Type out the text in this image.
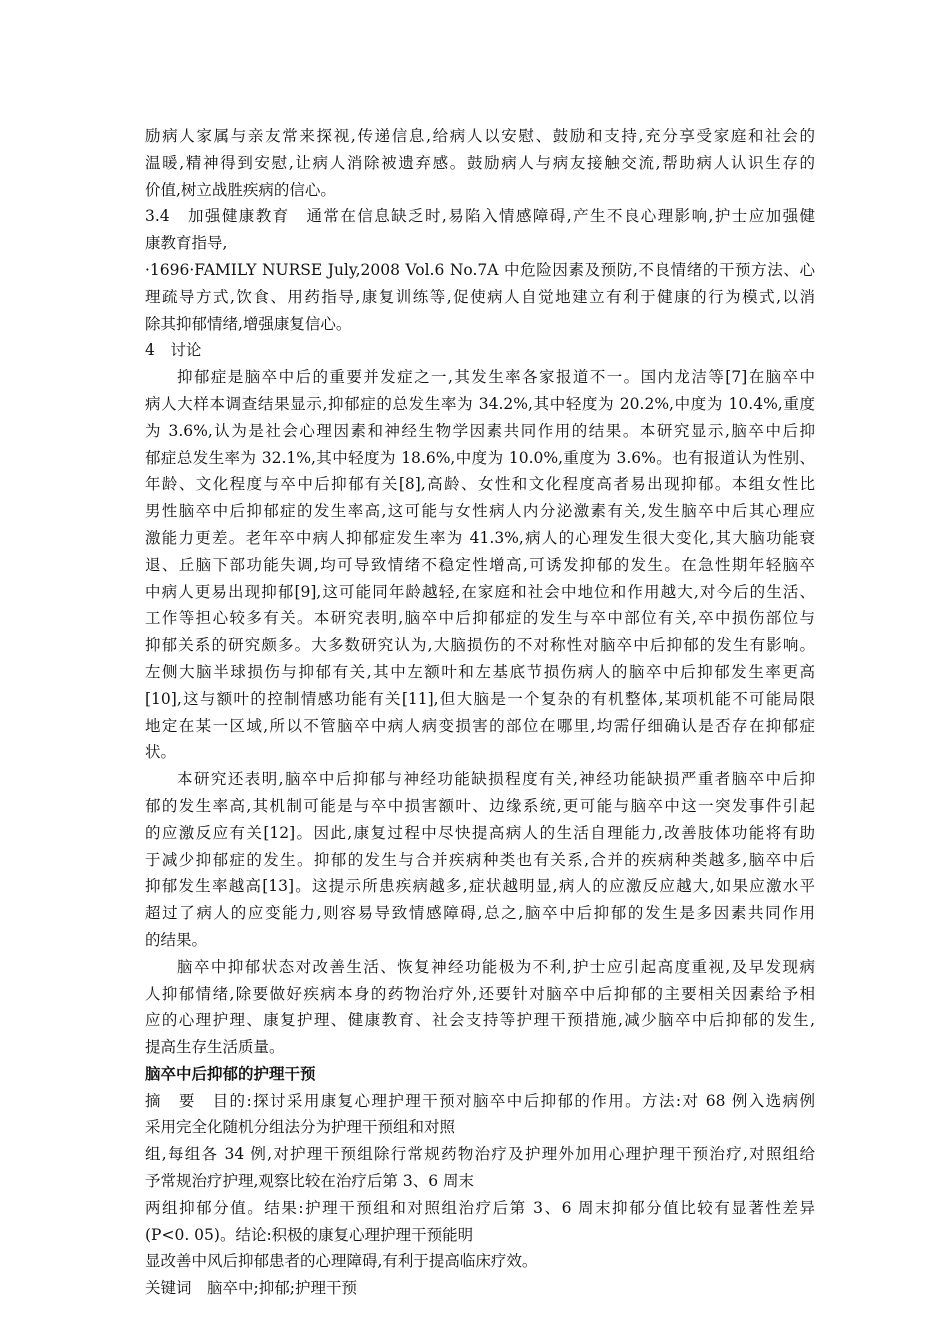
励病人家属与亲友常来探视,传递信息,给病人以安慰、鼓励和支持,充分享受家庭和社会的
温暖,精神得到安慰,让病人消除被遗弃感。鼓励病人与病友接触交流,帮助病人认识生存的
价值,树立战胜疾病的信心。
3.4　加强健康教育　通常在信息缺乏时,易陷入情感障碍,产生不良心理影响,护士应加强健
康教育指导,
·1696·FAMILY NURSE July,2008 Vol.6 No.7A 中危险因素及预防,不良情绪的干预方法、心
理疏导方式,饮食、用药指导,康复训练等,促使病人自觉地建立有利于健康的行为模式,以消
除其抑郁情绪,增强康复信心。
4　讨论
抑郁症是脑卒中后的重要并发症之一,其发生率各家报道不一。国内龙洁等[7]在脑卒中
病人大样本调查结果显示,抑郁症的总发生率为 34.2%,其中轻度为 20.2%,中度为 10.4%,重度
为 3.6%,认为是社会心理因素和神经生物学因素共同作用的结果。本研究显示,脑卒中后抑
郁症总发生率为 32.1%,其中轻度为 18.6%,中度为 10.0%,重度为 3.6%。也有报道认为性别、
年龄、文化程度与卒中后抑郁有关[8],高龄、女性和文化程度高者易出现抑郁。本组女性比
男性脑卒中后抑郁症的发生率高,这可能与女性病人内分泌激素有关,发生脑卒中后其心理应
激能力更差。老年卒中病人抑郁症发生率为 41.3%,病人的心理发生很大变化,其大脑功能衰
退、丘脑下部功能失调,均可导致情绪不稳定性增高,可诱发抑郁的发生。在急性期年轻脑卒
中病人更易出现抑郁[9],这可能同年龄越轻,在家庭和社会中地位和作用越大,对今后的生活、
工作等担心较多有关。本研究表明,脑卒中后抑郁症的发生与卒中部位有关,卒中损伤部位与
抑郁关系的研究颇多。大多数研究认为,大脑损伤的不对称性对脑卒中后抑郁的发生有影响。
左侧大脑半球损伤与抑郁有关,其中左额叶和左基底节损伤病人的脑卒中后抑郁发生率更高
[10],这与额叶的控制情感功能有关[11],但大脑是一个复杂的有机整体,某项机能不可能局限
地定在某一区域,所以不管脑卒中病人病变损害的部位在哪里,均需仔细确认是否存在抑郁症
状。
本研究还表明,脑卒中后抑郁与神经功能缺损程度有关,神经功能缺损严重者脑卒中后抑
郁的发生率高,其机制可能是与卒中损害额叶、边缘系统,更可能与脑卒中这一突发事件引起
的应激反应有关[12]。因此,康复过程中尽快提高病人的生活自理能力,改善肢体功能将有助
于减少抑郁症的发生。抑郁的发生与合并疾病种类也有关系,合并的疾病种类越多,脑卒中后
抑郁发生率越高[13]。这提示所患疾病越多,症状越明显,病人的应激反应越大,如果应激水平
超过了病人的应变能力,则容易导致情感障碍,总之,脑卒中后抑郁的发生是多因素共同作用
的结果。
脑卒中抑郁状态对改善生活、恢复神经功能极为不利,护士应引起高度重视,及早发现病
人抑郁情绪,除要做好疾病本身的药物治疗外,还要针对脑卒中后抑郁的主要相关因素给予相
应的心理护理、康复护理、健康教育、社会支持等护理干预措施,减少脑卒中后抑郁的发生,
提高生存生活质量。
脑卒中后抑郁的护理干预
摘　要　目的:探讨采用康复心理护理干预对脑卒中后抑郁的作用。方法:对 68 例入选病例
采用完全化随机分组法分为护理干预组和对照
组,每组各 34 例,对护理干预组除行常规药物治疗及护理外加用心理护理干预治疗,对照组给
予常规治疗护理,观察比较在治疗后第 3、6 周末
两组抑郁分值。结果:护理干预组和对照组治疗后第 3、6 周末抑郁分值比较有显著性差异
(P<0. 05)。结论:积极的康复心理护理干预能明
显改善中风后抑郁患者的心理障碍,有利于提高临床疗效。
关键词　脑卒中;抑郁;护理干预
